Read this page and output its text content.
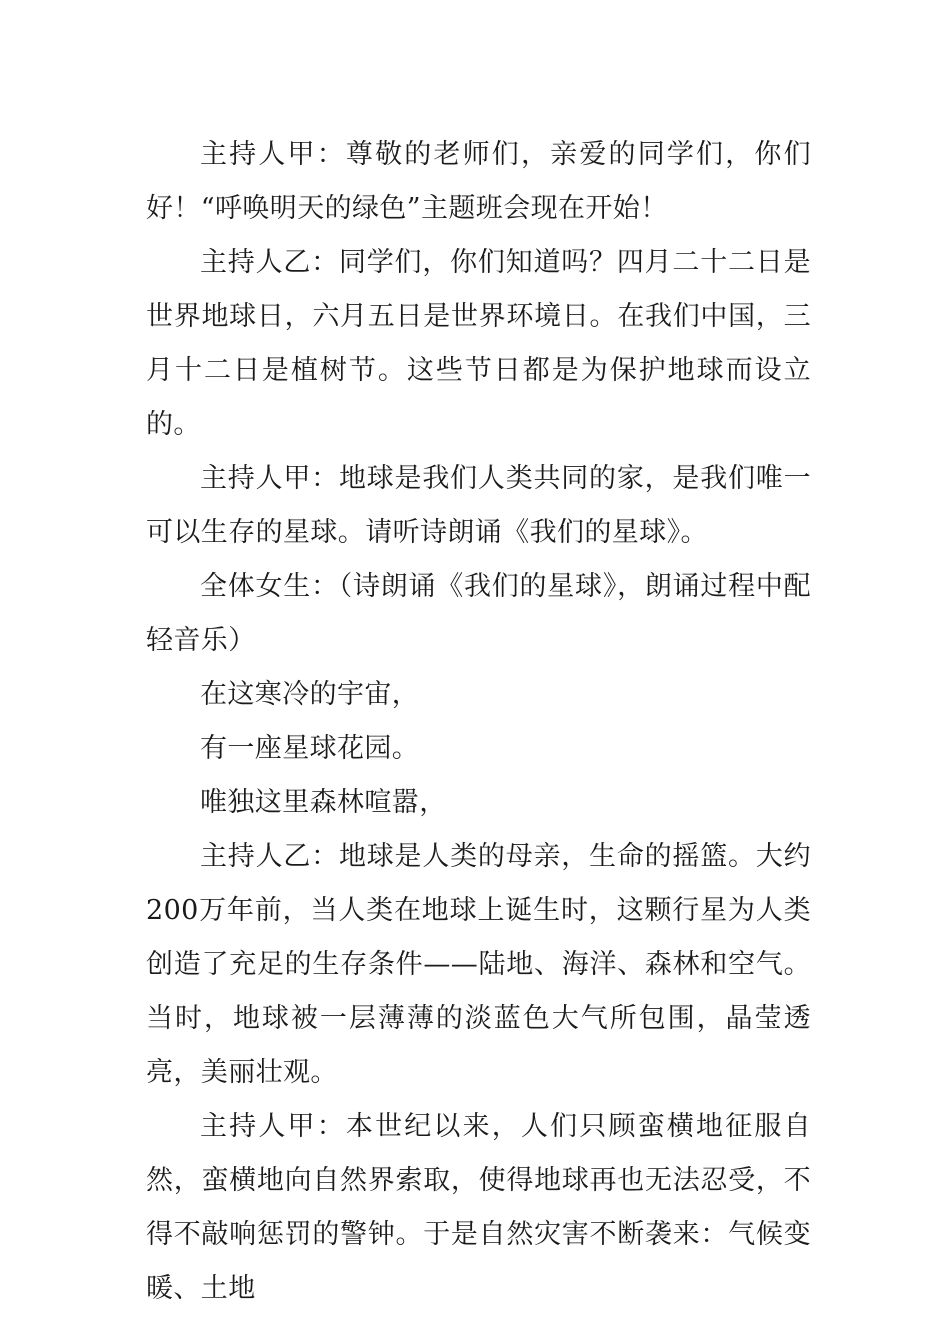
主持人甲：尊敬的老师们，亲爱的同学们，你们好！“呼唤明天的绿色”主题班会现在开始！

主持人乙：同学们，你们知道吗？四月二十二日是世界地球日，六月五日是世界环境日。在我们中国，三月十二日是植树节。这些节日都是为保护地球而设立的。

主持人甲：地球是我们人类共同的家，是我们唯一可以生存的星球。请听诗朗诵《我们的星球》。

全体女生：（诗朗诵《我们的星球》，朗诵过程中配轻音乐）

在这寒冷的宇宙，

有一座星球花园。

唯独这里森林喧嚣，

主持人乙：地球是人类的母亲，生命的摇篮。大约200万年前，当人类在地球上诞生时，这颗行星为人类创造了充足的生存条件——陆地、海洋、森林和空气。当时，地球被一层薄薄的淡蓝色大气所包围，晶莹透亮，美丽壮观。

主持人甲：本世纪以来，人们只顾蛮横地征服自然，蛮横地向自然界索取，使得地球再也无法忍受，不得不敲响惩罚的警钟。于是自然灾害不断袭来：气候变暖、土地
